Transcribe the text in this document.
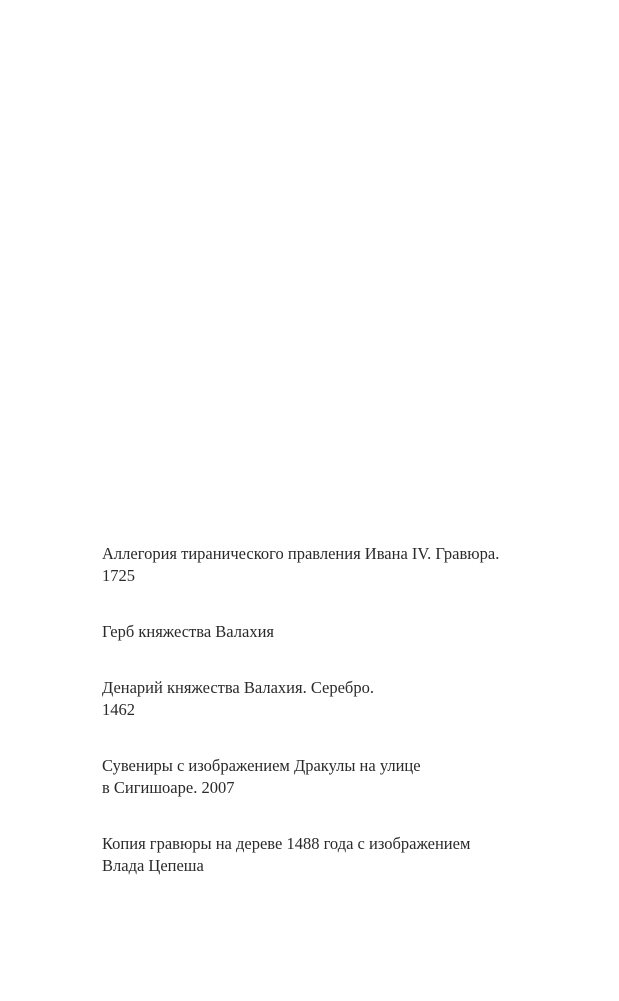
Аллегория тиранического правления Ивана IV. Гравюра.
1725

Герб княжества Валахия

Денарий княжества Валахия. Серебро.
1462

Сувениры с изображением Дракулы на улице
в Сигишоаре. 2007

Копия гравюры на дереве 1488 года с изображением
Влада Цепеша
